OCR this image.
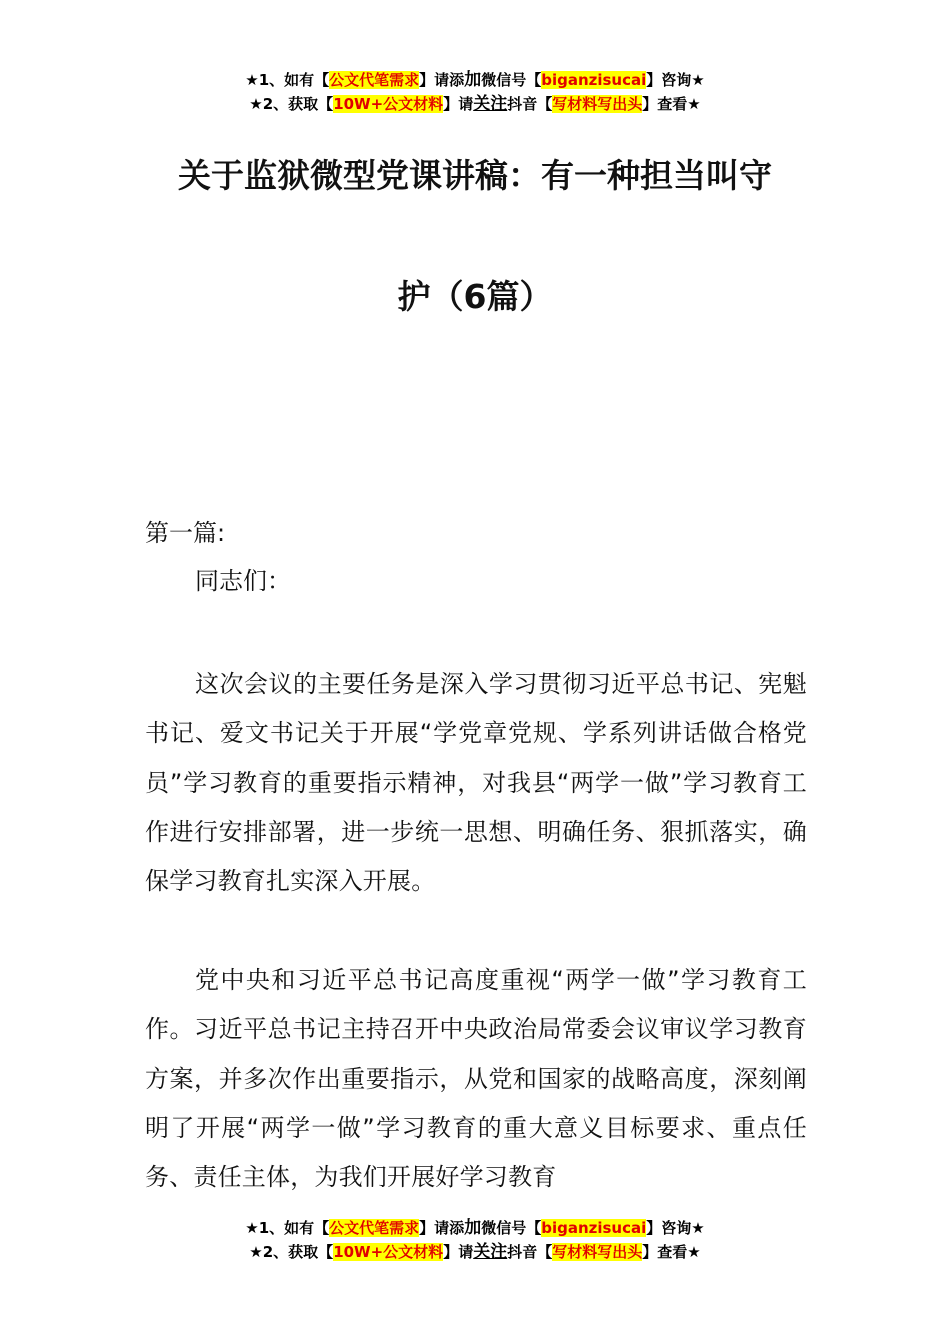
★1、如有【公文代笔需求】请添加微信号【biganzisucai】咨询★
★2、获取【10W+公文材料】请关注抖音【写材料写出头】查看★
关于监狱微型党课讲稿：有一种担当叫守
护（6篇）
第一篇:
同志们：
这次会议的主要任务是深入学习贯彻习近平总书记、宪魁书记、爱文书记关于开展“学党章党规、学系列讲话做合格党员”学习教育的重要指示精神，对我县“两学一做”学习教育工作进行安排部署，进一步统一思想、明确任务、狠抓落实，确保学习教育扎实深入开展。
党中央和习近平总书记高度重视“两学一做”学习教育工作。习近平总书记主持召开中央政治局常委会议审议学习教育方案，并多次作出重要指示，从党和国家的战略高度，深刻阐明了开展“两学一做”学习教育的重大意义目标要求、重点任务、责任主体，为我们开展好学习教育
★1、如有【公文代笔需求】请添加微信号【biganzisucai】咨询★
★2、获取【10W+公文材料】请关注抖音【写材料写出头】查看★
